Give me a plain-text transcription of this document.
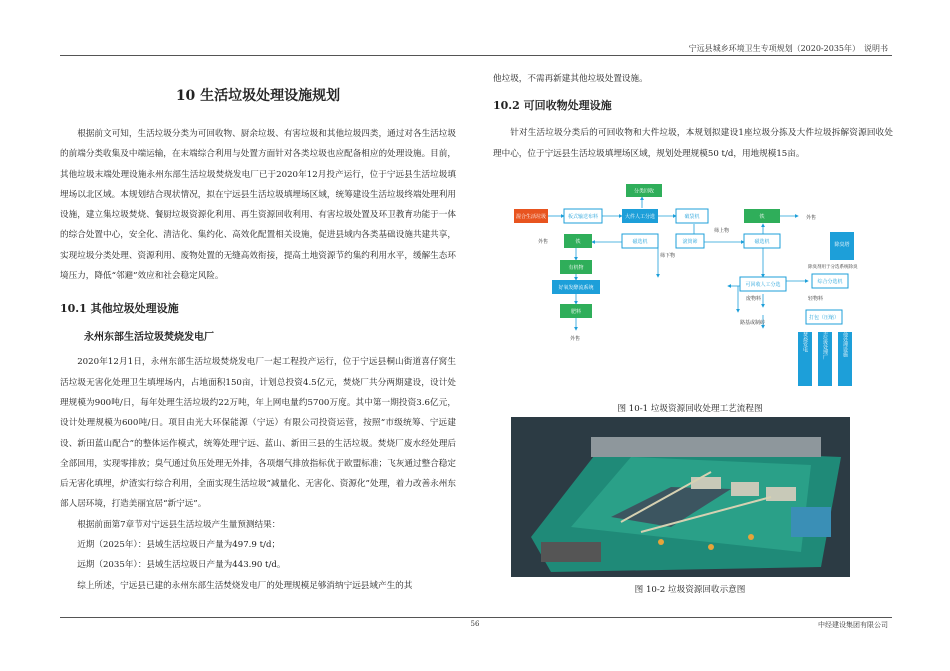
宁远县城乡环境卫生专项规划（2020-2035年）　说明书

10 生活垃圾处理设施规划

根据前文可知，生活垃圾分类为可回收物、厨余垃圾、有害垃圾和其他垃圾四类，通过对各生活垃圾的前端分类收集及中端运输，在末端综合利用与处置方面针对各类垃圾也应配备相应的处理设施。目前，其他垃圾末端处理设施永州东部生活垃圾焚烧发电厂已于2020年12月投产运行，位于宁远县生活垃圾填埋场以北区域。本规划结合现状情况，拟在宁远县生活垃圾填埋场区域，统筹建设生活垃圾终端处理利用设施，建立集垃圾焚烧、餐厨垃圾资源化利用、再生资源回收利用、有害垃圾处置及环卫教育功能于一体的综合处置中心，安全化、清洁化、集约化、高效化配置相关设施，促进县域内各类基础设施共建共享，实现垃圾分类处理、资源利用、废物处置的无缝高效衔接，提高土地资源节约集约利用水平，缓解生态环境压力，降低“邻避”效应和社会稳定风险。

10.1 其他垃圾处理设施

永州东部生活垃圾焚烧发电厂

2020年12月1日，永州东部生活垃圾焚烧发电厂一起工程投产运行，位于宁远县桐山街道喜仔窝生活垃圾无害化处理卫生填埋场内，占地面积150亩，计划总投资4.5亿元，焚烧厂共分两期建设，设计处理规模为900吨/日，每年处理生活垃圾约22万吨，年上网电量约5700万度。其中第一期投资3.6亿元，设计处理规模为600吨/日。项目由光大环保能源（宁远）有限公司投资运营，按照“市级统筹、宁远建设、新田蓝山配合”的整体运作模式，统筹处理宁远、蓝山、新田三县的生活垃圾。焚烧厂废水经处理后全部回用，实现零排放；臭气通过负压处理无外排，各项烟气排放指标优于欧盟标准；飞灰通过整合稳定后无害化填埋，炉渣实行综合利用，全面实现生活垃圾“减量化、无害化、资源化”处理，着力改善永州东部人居环境，打造美丽宜居“新宁远”。

根据前面第7章节对宁远县生活垃圾产生量预测结果：

近期（2025年）：县域生活垃圾日产量为497.9 t/d；

远期（2035年）：县域生活垃圾日产量为443.90 t/d。

综上所述，宁远县已建的永州东部生活焚烧发电厂的处理规模足够消纳宁远县域产生的其

他垃圾，不需再新建其他垃圾处置设施。

10.2 可回收物处理设施

针对生活垃圾分类后的可回收物和大件垃圾，本规划拟建设1座垃圾分拣及大件垃圾拆解资源回收处理中心，位于宁远县生活垃圾填埋场区域，规划处理规模50 t/d，用地规模15亩。

混合生活垃圾	板式输送布料	大件人工分选
分类回收
破袋机	铁	外售
铁
外售	磁选机	滚筒筛	磁选机
筛下物
筛上物
有机物
好氧发酵流系统
肥料
外售
可回收人工分选	综合分选机
废物料	轻物料
路基或制砖
打包（压缩）
焚烧发电	厨余垃圾处理厂	其他处理设施
除臭塔
除臭剂用于分选系统除臭
图 10-1 垃圾资源回收处理工艺流程图
图 10-2 垃圾资源回收示意图
56	中经建设集团有限公司
